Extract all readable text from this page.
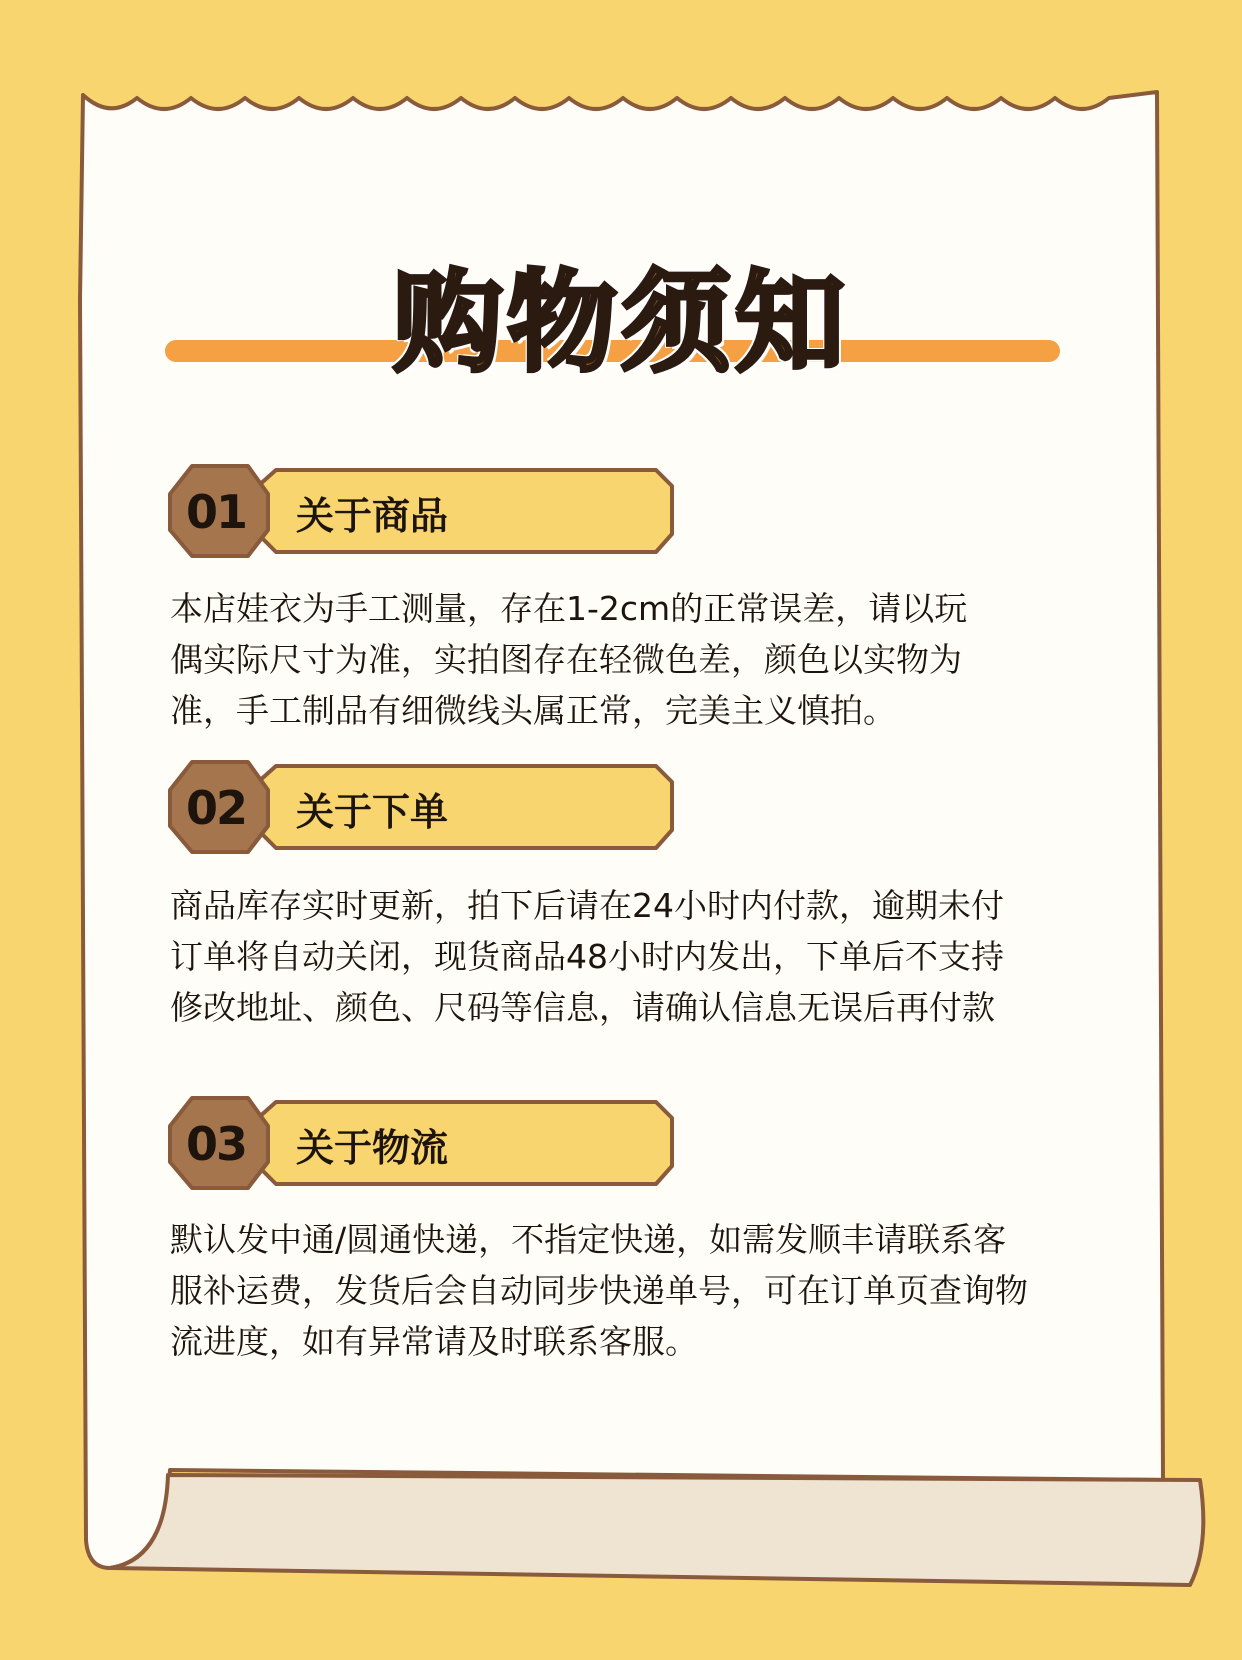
购物须知
01	关于商品
本店娃衣为手工测量，存在1-2cm的正常误差，请以玩
偶实际尺寸为准，实拍图存在轻微色差，颜色以实物为
准，手工制品有细微线头属正常，完美主义慎拍。
02	关于下单
商品库存实时更新，拍下后请在24小时内付款，逾期未付
订单将自动关闭，现货商品48小时内发出，下单后不支持
修改地址、颜色、尺码等信息，请确认信息无误后再付款
03	关于物流
默认发中通/圆通快递，不指定快递，如需发顺丰请联系客
服补运费，发货后会自动同步快递单号，可在订单页查询物
流进度，如有异常请及时联系客服。
